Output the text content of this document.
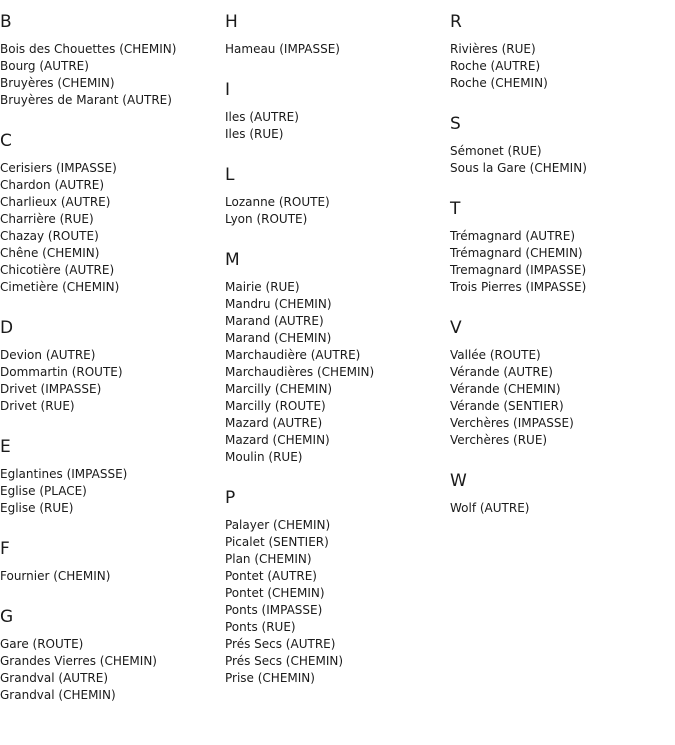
B
Bois des Chouettes (CHEMIN)
Bourg (AUTRE)
Bruyères (CHEMIN)
Bruyères de Marant (AUTRE)
C
Cerisiers (IMPASSE)
Chardon (AUTRE)
Charlieux (AUTRE)
Charrière (RUE)
Chazay (ROUTE)
Chêne (CHEMIN)
Chicotière (AUTRE)
Cimetière (CHEMIN)
D
Devion (AUTRE)
Dommartin (ROUTE)
Drivet (IMPASSE)
Drivet (RUE)
E
Eglantines (IMPASSE)
Eglise (PLACE)
Eglise (RUE)
F
Fournier (CHEMIN)
G
Gare (ROUTE)
Grandes Vierres (CHEMIN)
Grandval (AUTRE)
Grandval (CHEMIN)
H
Hameau (IMPASSE)
I
Iles (AUTRE)
Iles (RUE)
L
Lozanne (ROUTE)
Lyon (ROUTE)
M
Mairie (RUE)
Mandru (CHEMIN)
Marand (AUTRE)
Marand (CHEMIN)
Marchaudière (AUTRE)
Marchaudières (CHEMIN)
Marcilly (CHEMIN)
Marcilly (ROUTE)
Mazard (AUTRE)
Mazard (CHEMIN)
Moulin (RUE)
P
Palayer (CHEMIN)
Picalet (SENTIER)
Plan (CHEMIN)
Pontet (AUTRE)
Pontet (CHEMIN)
Ponts (IMPASSE)
Ponts (RUE)
Prés Secs (AUTRE)
Prés Secs (CHEMIN)
Prise (CHEMIN)
R
Rivières (RUE)
Roche (AUTRE)
Roche (CHEMIN)
S
Sémonet (RUE)
Sous la Gare (CHEMIN)
T
Trémagnard (AUTRE)
Trémagnard (CHEMIN)
Tremagnard (IMPASSE)
Trois Pierres (IMPASSE)
V
Vallée (ROUTE)
Vérande (AUTRE)
Vérande (CHEMIN)
Vérande (SENTIER)
Verchères (IMPASSE)
Verchères (RUE)
W
Wolf (AUTRE)
